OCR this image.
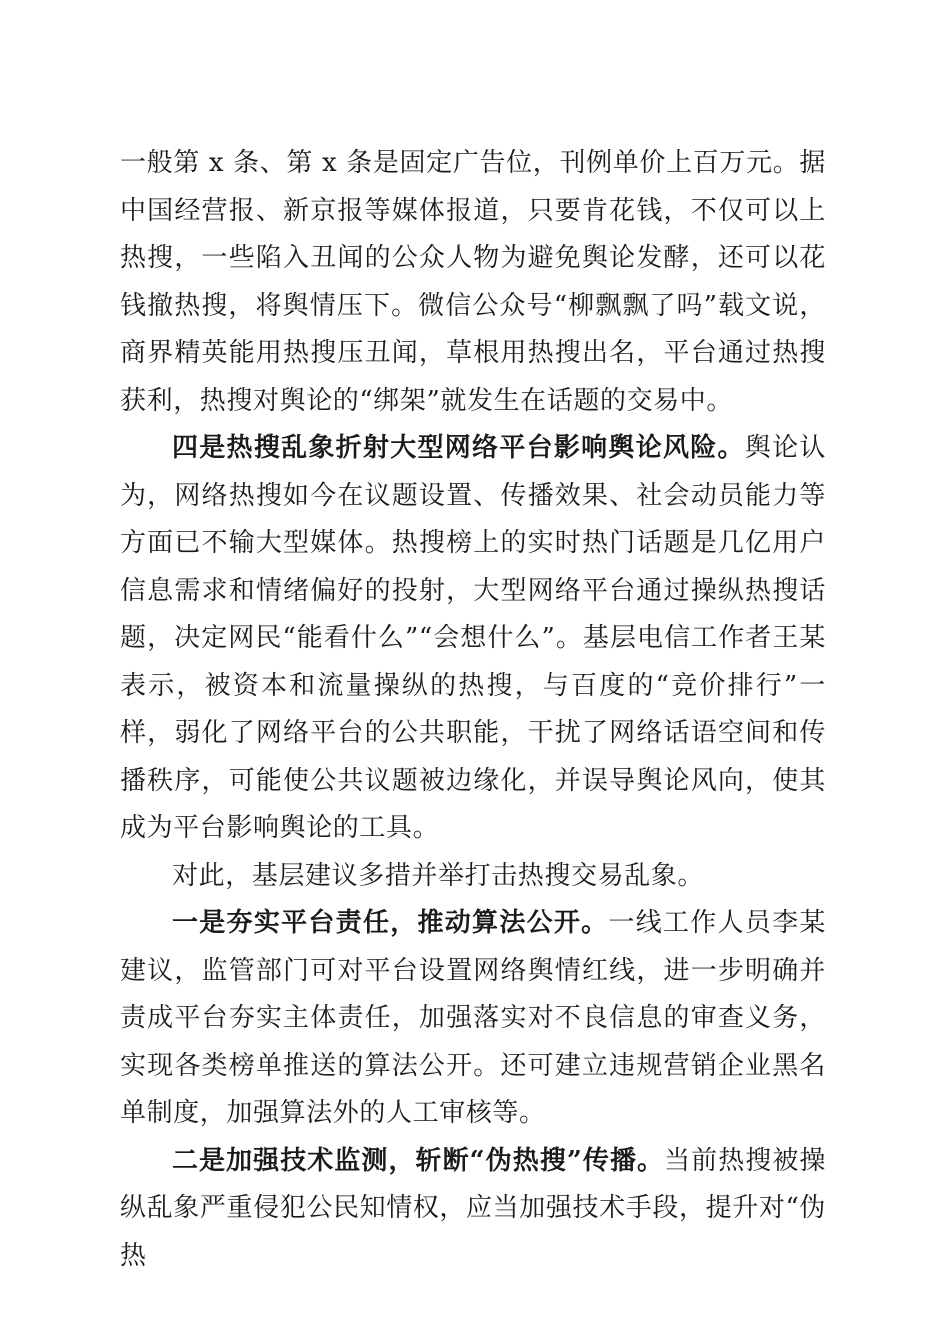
一般第 x 条、第 x 条是固定广告位，刊例单价上百万元。据中国经营报、新京报等媒体报道，只要肯花钱，不仅可以上热搜，一些陷入丑闻的公众人物为避免舆论发酵，还可以花钱撤热搜，将舆情压下。微信公众号“柳飘飘了吗”载文说，商界精英能用热搜压丑闻，草根用热搜出名，平台通过热搜获利，热搜对舆论的“绑架”就发生在话题的交易中。

四是热搜乱象折射大型网络平台影响舆论风险。舆论认为，网络热搜如今在议题设置、传播效果、社会动员能力等方面已不输大型媒体。热搜榜上的实时热门话题是几亿用户信息需求和情绪偏好的投射，大型网络平台通过操纵热搜话题，决定网民“能看什么”“会想什么”。基层电信工作者王某表示，被资本和流量操纵的热搜，与百度的“竞价排行”一样，弱化了网络平台的公共职能，干扰了网络话语空间和传播秩序，可能使公共议题被边缘化，并误导舆论风向，使其成为平台影响舆论的工具。

对此，基层建议多措并举打击热搜交易乱象。

一是夯实平台责任，推动算法公开。一线工作人员李某建议，监管部门可对平台设置网络舆情红线，进一步明确并责成平台夯实主体责任，加强落实对不良信息的审查义务，实现各类榜单推送的算法公开。还可建立违规营销企业黑名单制度，加强算法外的人工审核等。

二是加强技术监测，斩断“伪热搜”传播。当前热搜被操纵乱象严重侵犯公民知情权，应当加强技术手段，提升对“伪热
